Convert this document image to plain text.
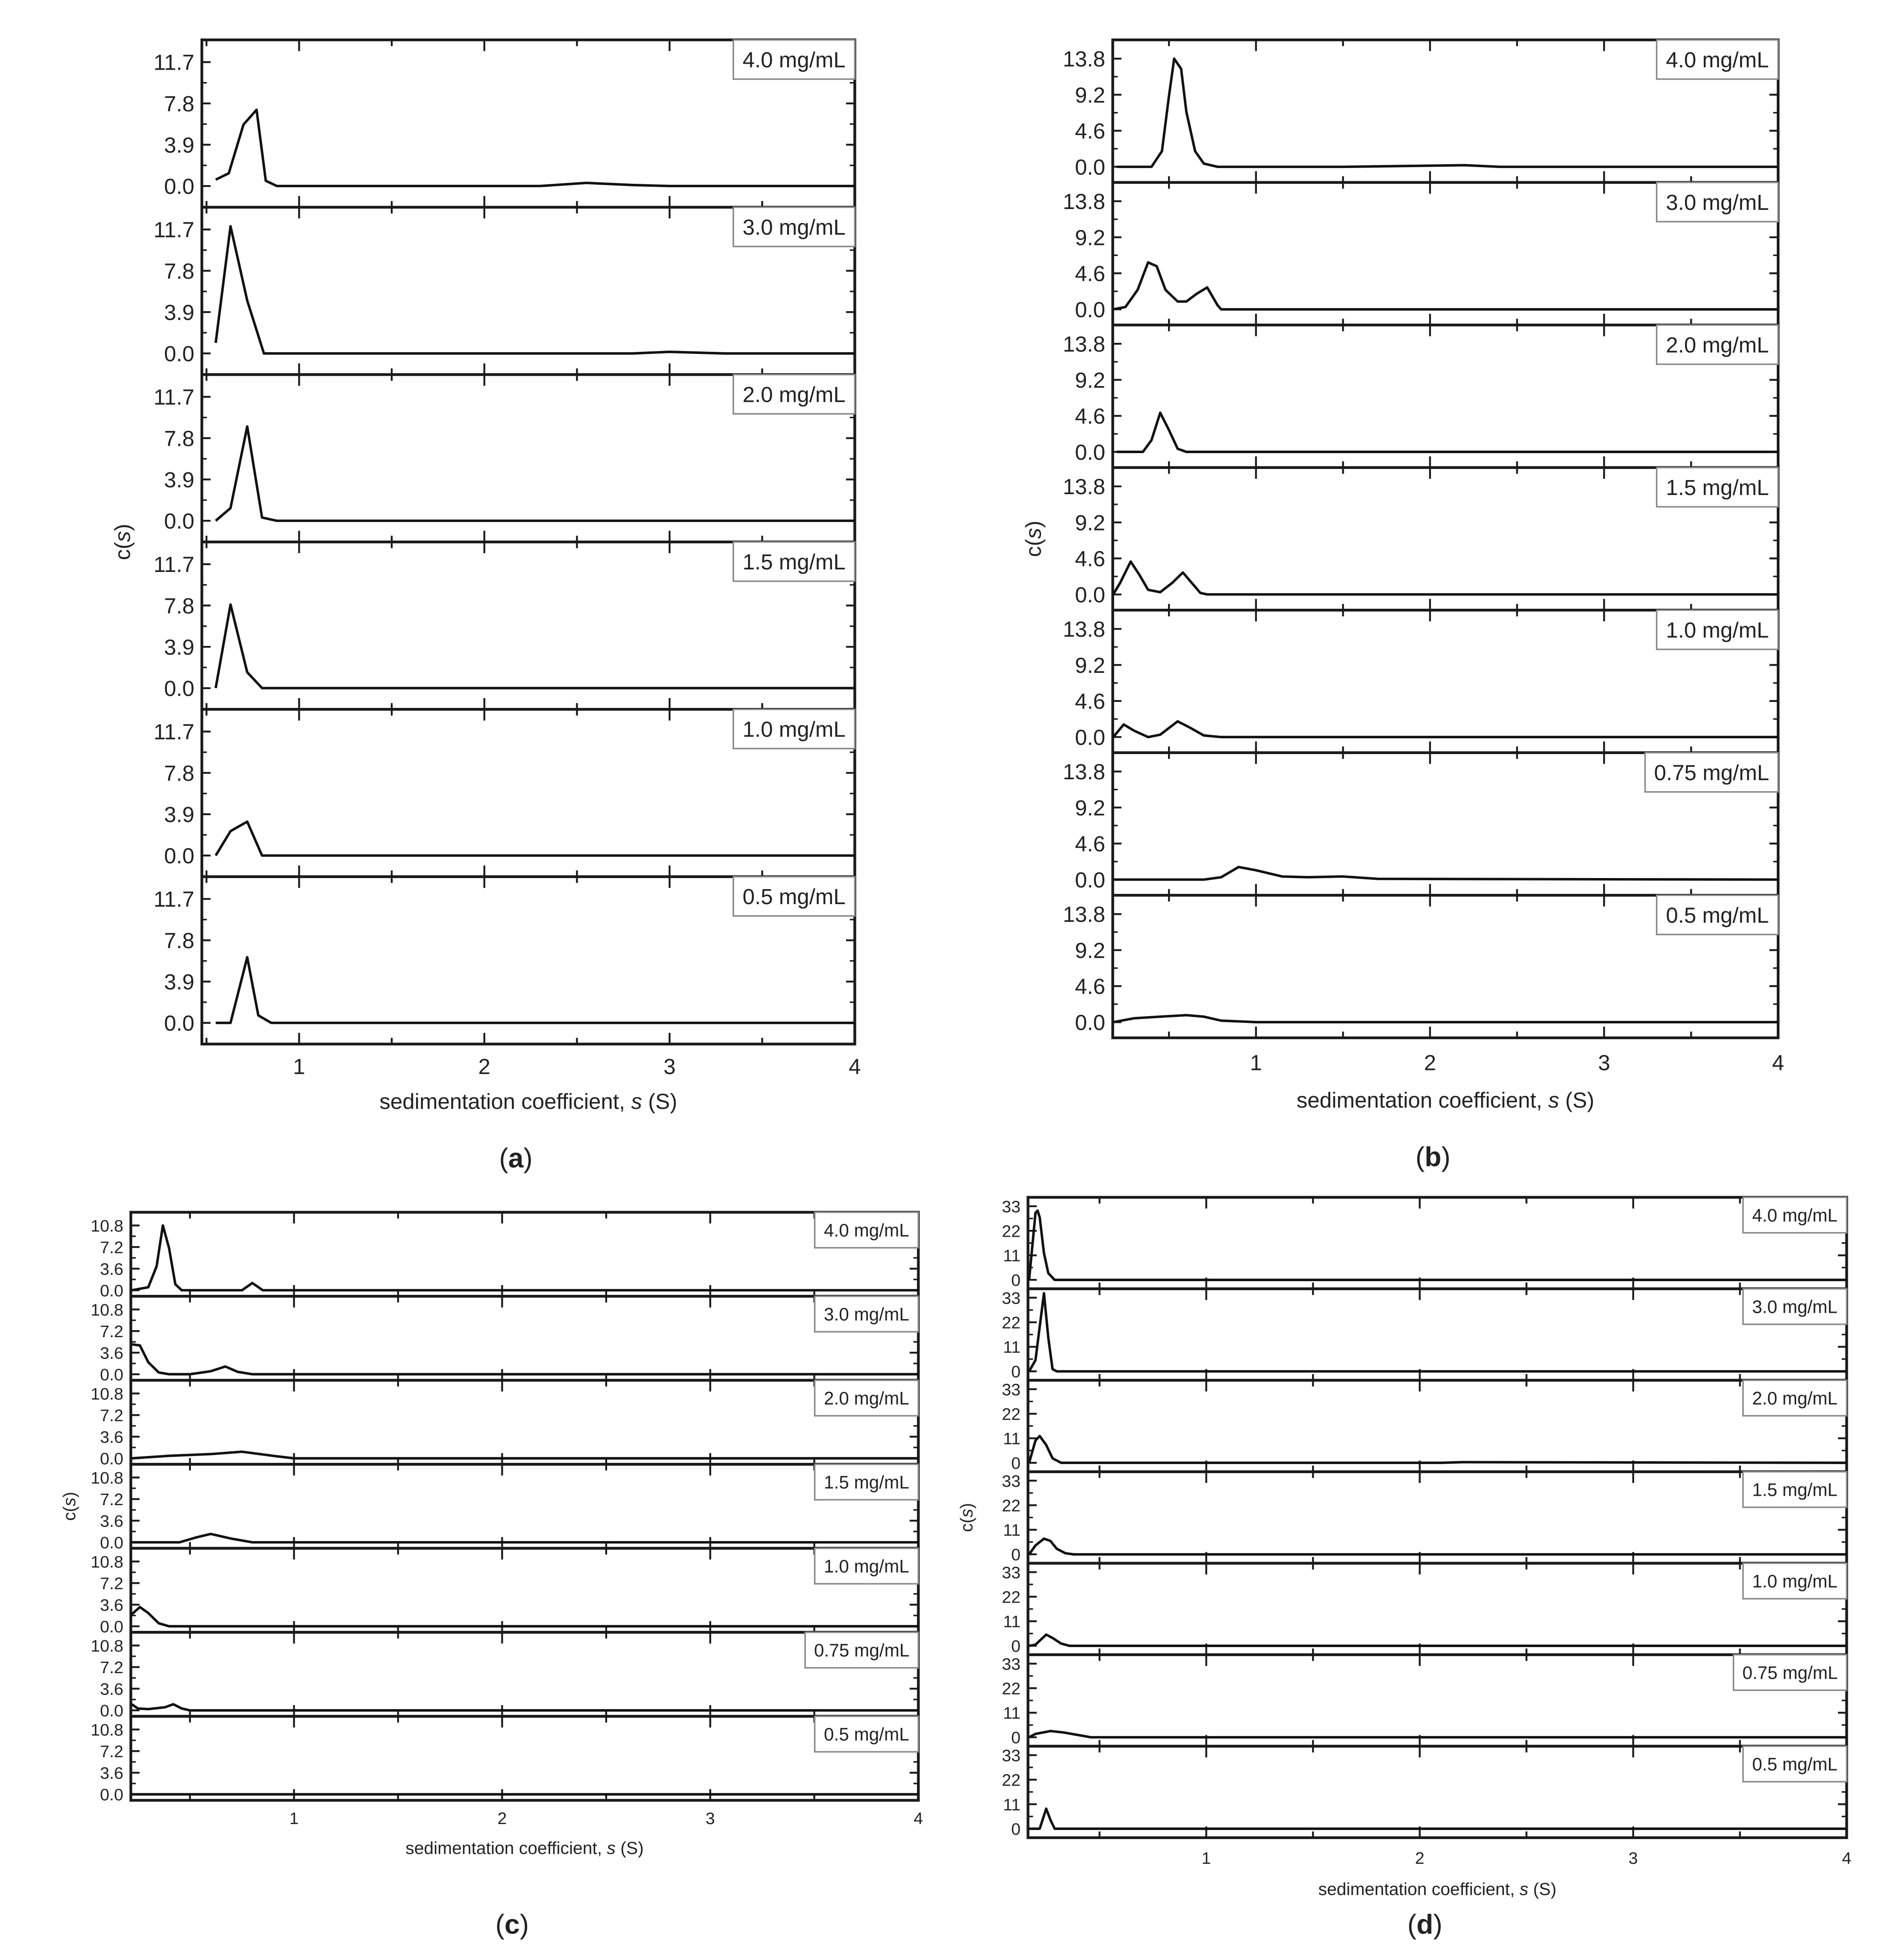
0.0
3.9
7.8
11.7	4.0 mg/mL
0.0
3.9
7.8
11.7	3.0 mg/mL
0.0
3.9
7.8
11.7	2.0 mg/mL
0.0
3.9
7.8
11.7	1.5 mg/mL
0.0
3.9
7.8
11.7	1.0 mg/mL
0.0
3.9
7.8
11.7	0.5 mg/mL
1	2	3	4
sedimentation coefficient, s (S)
c(s)
(a)
0.0
4.6
9.2
13.8	4.0 mg/mL
0.0
4.6
9.2
13.8	3.0 mg/mL
0.0
4.6
9.2
13.8	2.0 mg/mL
0.0
4.6
9.2
13.8	1.5 mg/mL
0.0
4.6
9.2
13.8	1.0 mg/mL
0.0
4.6
9.2
13.8	0.75 mg/mL
0.0
4.6
9.2
13.8	0.5 mg/mL
1	2	3	4
sedimentation coefficient, s (S)
c(s)
(b)
0.0
3.6
7.2
10.8	4.0 mg/mL
0.0
3.6
7.2
10.8	3.0 mg/mL
0.0
3.6
7.2
10.8	2.0 mg/mL
0.0
3.6
7.2
10.8	1.5 mg/mL
0.0
3.6
7.2
10.8	1.0 mg/mL
0.0
3.6
7.2
10.8	0.75 mg/mL
0.0
3.6
7.2
10.8	0.5 mg/mL
1	2	3	4
sedimentation coefficient, s (S)
c(s)
(c)
0
11
22
33	4.0 mg/mL
0
11
22
33	3.0 mg/mL
0
11
22
33	2.0 mg/mL
0
11
22
33	1.5 mg/mL
0
11
22
33	1.0 mg/mL
0
11
22
33	0.75 mg/mL
0
11
22
33	0.5 mg/mL
1	2	3	4
sedimentation coefficient, s (S)
c(s)
(d)
